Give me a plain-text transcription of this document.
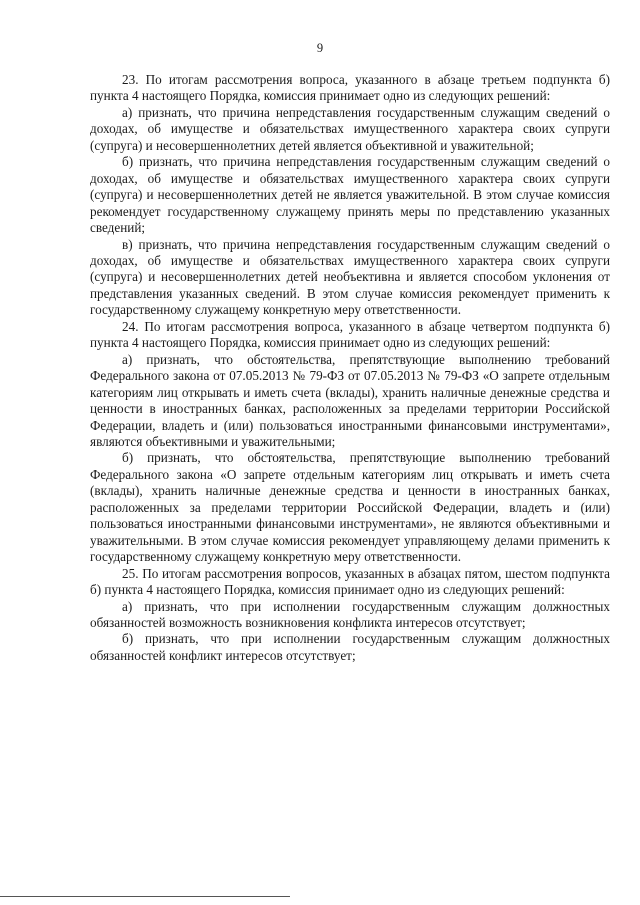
9

23. По итогам рассмотрения вопроса, указанного в абзаце третьем подпункта б) пункта 4 настоящего Порядка, комиссия принимает одно из следующих решений:

а) признать, что причина непредставления государственным служащим сведений о доходах, об имуществе и обязательствах имущественного характера своих супруги (супруга) и несовершеннолетних детей является объективной и уважительной;

б) признать, что причина непредставления государственным служащим сведений о доходах, об имуществе и обязательствах имущественного характера своих супруги (супруга) и несовершеннолетних детей не является уважительной. В этом случае комиссия рекомендует государственному служащему принять меры по представлению указанных сведений;

в) признать, что причина непредставления государственным служащим сведений о доходах, об имуществе и обязательствах имущественного характера своих супруги (супруга) и несовершеннолетних детей необъективна и является способом уклонения от представления указанных сведений. В этом случае комиссия рекомендует применить к государственному служащему конкретную меру ответственности.

24. По итогам рассмотрения вопроса, указанного в абзаце четвертом подпункта б) пункта 4 настоящего Порядка, комиссия принимает одно из следующих решений:

а) признать, что обстоятельства, препятствующие выполнению требований Федерального закона от 07.05.2013 № 79-ФЗ от 07.05.2013 № 79-ФЗ «О запрете отдельным категориям лиц открывать и иметь счета (вклады), хранить наличные денежные средства и ценности в иностранных банках, расположенных за пределами территории Российской Федерации, владеть и (или) пользоваться иностранными финансовыми инструментами», являются объективными и уважительными;

б) признать, что обстоятельства, препятствующие выполнению требований Федерального закона «О запрете отдельным категориям лиц открывать и иметь счета (вклады), хранить наличные денежные средства и ценности в иностранных банках, расположенных за пределами территории Российской Федерации, владеть и (или) пользоваться иностранными финансовыми инструментами», не являются объективными и уважительными. В этом случае комиссия рекомендует управляющему делами применить к государственному служащему конкретную меру ответственности.

25. По итогам рассмотрения вопросов, указанных в абзацах пятом, шестом подпункта б) пункта 4 настоящего Порядка, комиссия принимает одно из следующих решений:

а) признать, что при исполнении государственным служащим должностных обязанностей возможность возникновения конфликта интересов отсутствует;

б) признать, что при исполнении государственным служащим должностных обязанностей конфликт интересов отсутствует;
